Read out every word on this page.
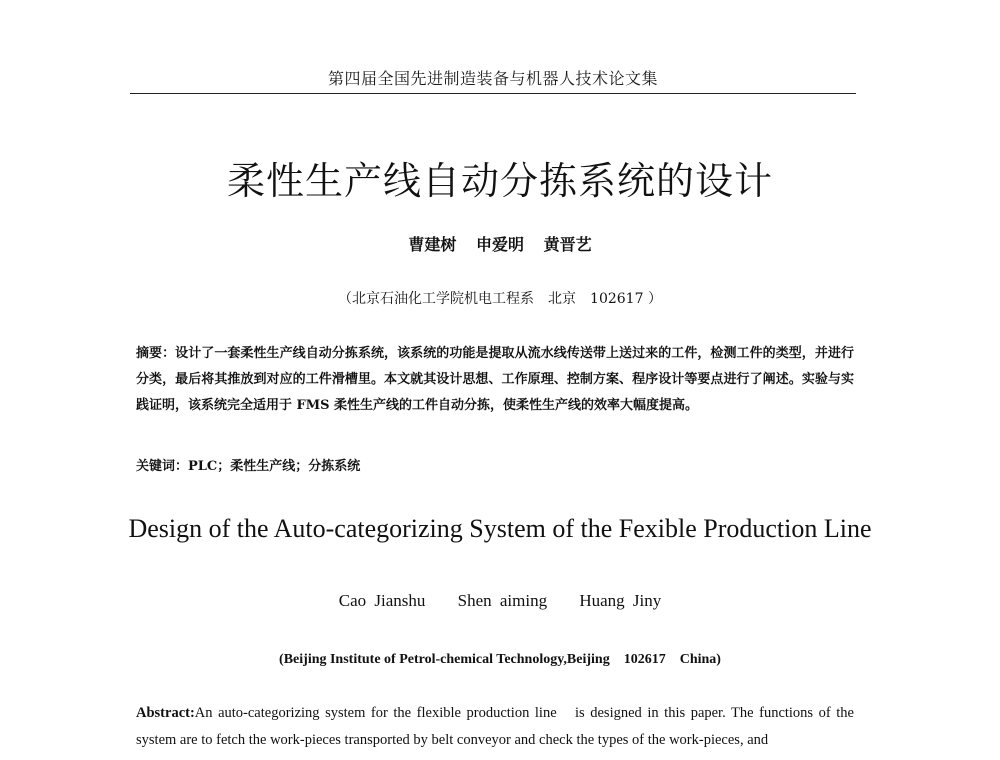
第四届全国先进制造装备与机器人技术论文集
柔性生产线自动分拣系统的设计
曹建树 申爱明 黄晋艺
（北京石油化工学院机电工程系　北京　102617 ）

摘要：设计了一套柔性生产线自动分拣系统，该系统的功能是提取从流水线传送带上送过来的工件，检测工件的类型，并进行分类，最后将其推放到对应的工件滑槽里。本文就其设计思想、工作原理、控制方案、程序设计等要点进行了阐述。实验与实践证明，该系统完全适用于 FMS 柔性生产线的工件自动分拣，使柔性生产线的效率大幅度提高。

关键词：PLC；柔性生产线；分拣系统

Design of the Auto-categorizing System of the Fexible Production Line
Cao Jianshu Shen aiming Huang Jiny
(Beijing Institute of Petrol-chemical Technology,Beijing　102617　China)

Abstract:An auto-categorizing system for the flexible production line　is designed in this paper. The functions of the system are to fetch the work-pieces transported by belt conveyor and check the types of the work-pieces, and
